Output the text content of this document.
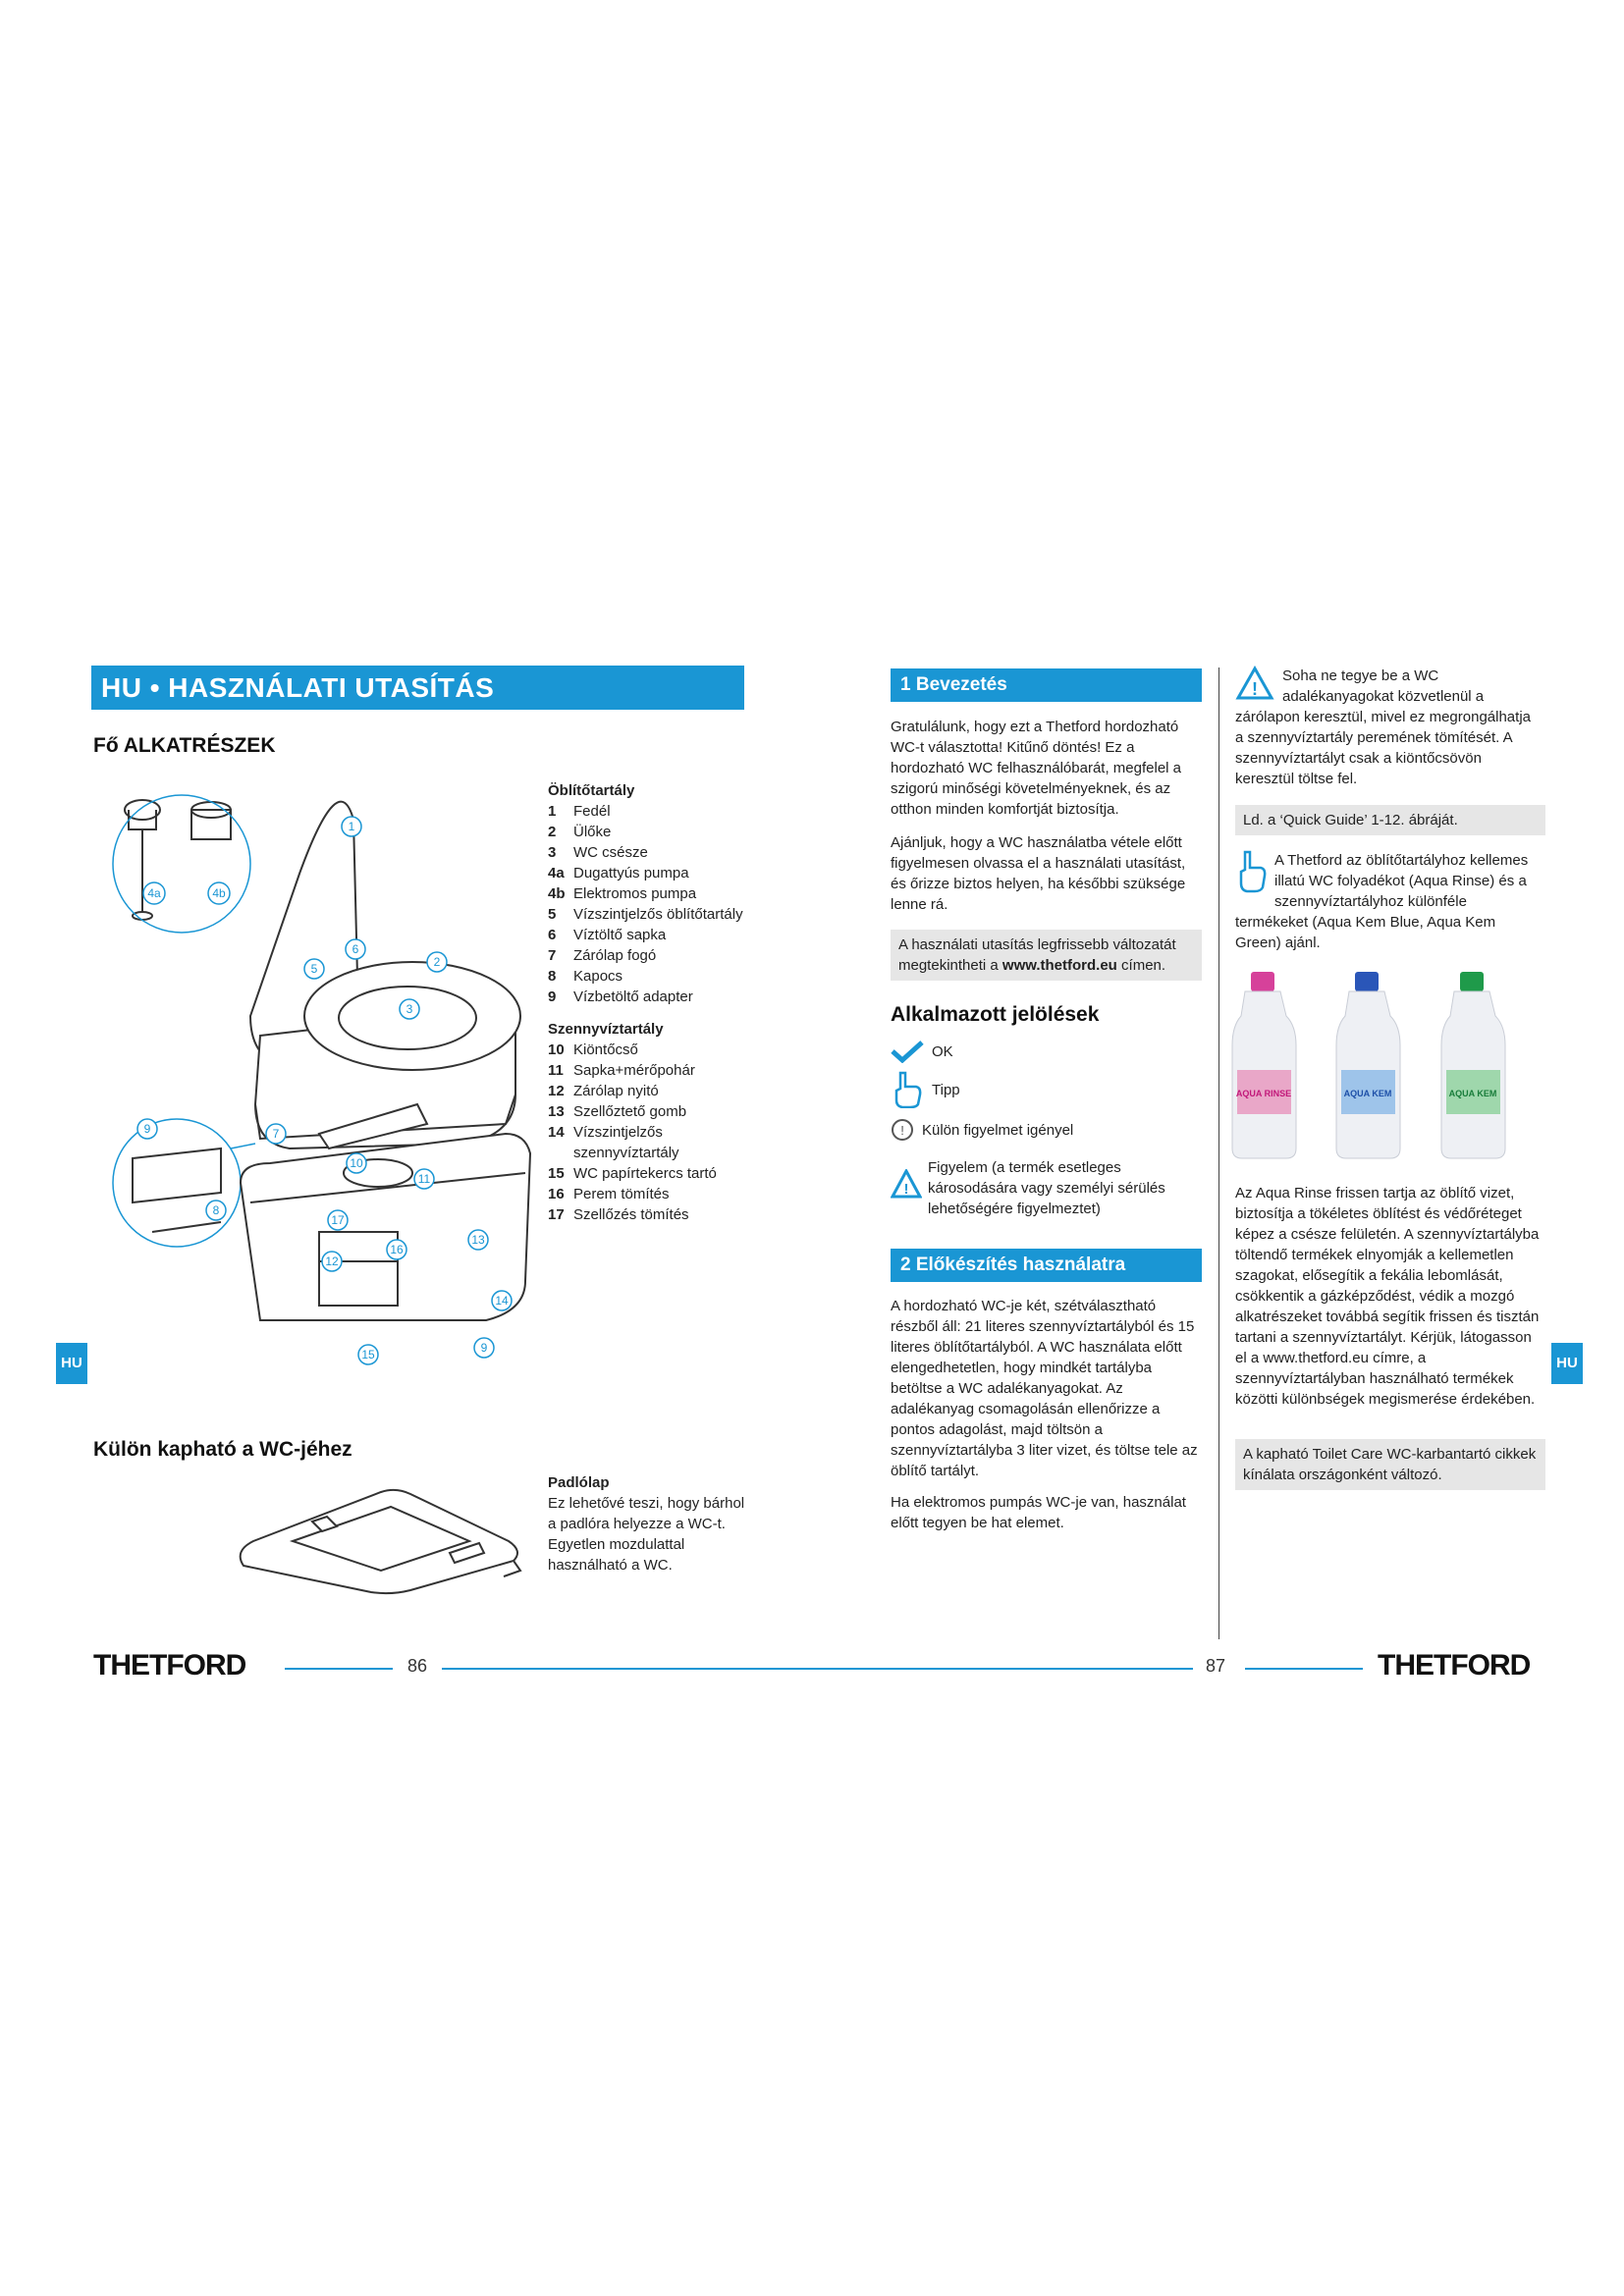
HU • HASZNÁLATI UTASÍTÁS
Fő ALKATRÉSZEK
1
2
3
4a	4b
5
6
7
8
9
10
11
12
13
14
15
16
17
9
Öblítőtartály
1	Fedél
2	Ülőke
3	WC csésze
4a Dugattyús pumpa
4b Elektromos pumpa
5	Vízszintjelzős öblítőtartály
6	Víztöltő sapka
7	Zárólap fogó
8	Kapocs
9	Vízbetöltő adapter
Szennyvíztartály
10 Kiöntőcső
11 Sapka+mérőpohár
12 Zárólap nyitó
13 Szellőztető gomb
14 Vízszintjelzős szennyvíztartály
15 WC papírtekercs tartó
16 Perem tömítés
17 Szellőzés tömítés
Külön kapható a WC-jéhez
Padlólap
Ez lehetővé teszi, hogy bárhol a padlóra helyezze a WC-t. Egyetlen mozdulattal használható a WC.
HU
THETFORD	86
1 Bevezetés
Gratulálunk, hogy ezt a Thetford hordozható WC-t választotta! Kitűnő döntés! Ez a hordozható WC felhasználóbarát, megfelel a szigorú minőségi követelményeknek, és az otthon minden komfortját biztosítja.
Ajánljuk, hogy a WC használatba vétele előtt figyelmesen olvassa el a használati utasítást, és őrizze biztos helyen, ha későbbi szüksége lenne rá.
A használati utasítás legfrissebb változatát megtekintheti a www.thetford.eu címen.
Alkalmazott jelölések
OK
Tipp
! Külön figyelmet igényel
!
Figyelem (a termék esetleges károsodására vagy személyi sérülés lehetőségére figyelmeztet)
2 Előkészítés használatra
A hordozható WC-je két, szétválasztható részből áll: 21 literes szennyvíztartályból és 15 literes öblítőtartályból. A WC használata előtt elengedhetetlen, hogy mindkét tartályba betöltse a WC adalékanyagokat. Az adalékanyag csomagolásán ellenőrizze a pontos adagolást, majd töltsön a szennyvíztartályba 3 liter vizet, és töltse tele az öblítő tartályt.
Ha elektromos pumpás WC-je van, használat előtt tegyen be hat elemet.
87
!
Soha ne tegye be a WC adalékanyagokat közvetlenül a zárólapon keresztül, mivel ez megrongálhatja a szennyvíztartály peremének tömítését. A szennyvíztartályt csak a kiöntőcsövön keresztül töltse fel.
Ld. a ‘Quick Guide’ 1-12. ábráját.
A Thetford az öblítőtartályhoz kellemes illatú WC folyadékot (Aqua Rinse) és a szennyvíztartályhoz különféle termékeket (Aqua Kem Blue, Aqua Kem Green) ajánl.
AQUA RINSE	AQUA KEM	AQUA KEM
Az Aqua Rinse frissen tartja az öblítő vizet, biztosítja a tökéletes öblítést és védőréteget képez a csésze felületén. A szennyvíztartályba töltendő termékek elnyomják a kellemetlen szagokat, elősegítik a fekália lebomlását, csökkentik a gázképződést, védik a mozgó alkatrészeket továbbá segítik frissen és tisztán tartani a szennyvíztartályt. Kérjük, látogasson el a www.thetford.eu címre, a szennyvíztartályban használható termékek közötti különbségek megismerése érdekében.
A kapható Toilet Care WC-karbantartó cikkek kínálata országonként változó.
HU
THETFORD
